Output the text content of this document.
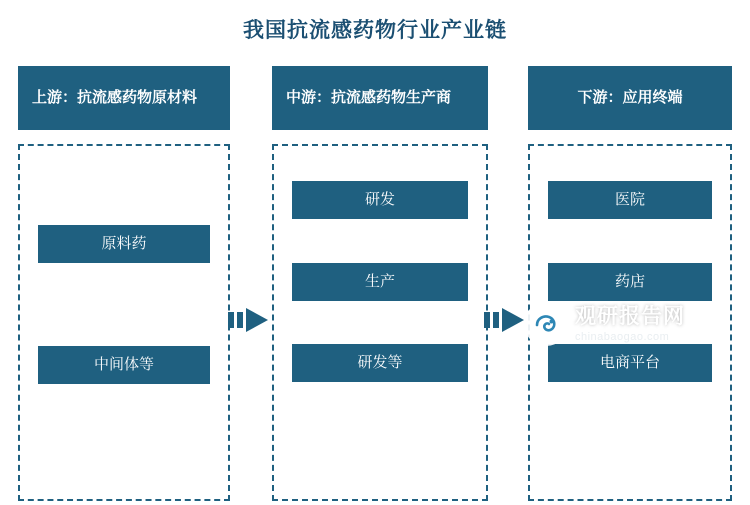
我国抗流感药物行业产业链
上游：抗流感药物原材料
原料药
中间体等
中游：抗流感药物生产商
研发
生产
研发等
下游：应用终端
医院
药店
电商平台
观研报告网
chinabaogao.com
